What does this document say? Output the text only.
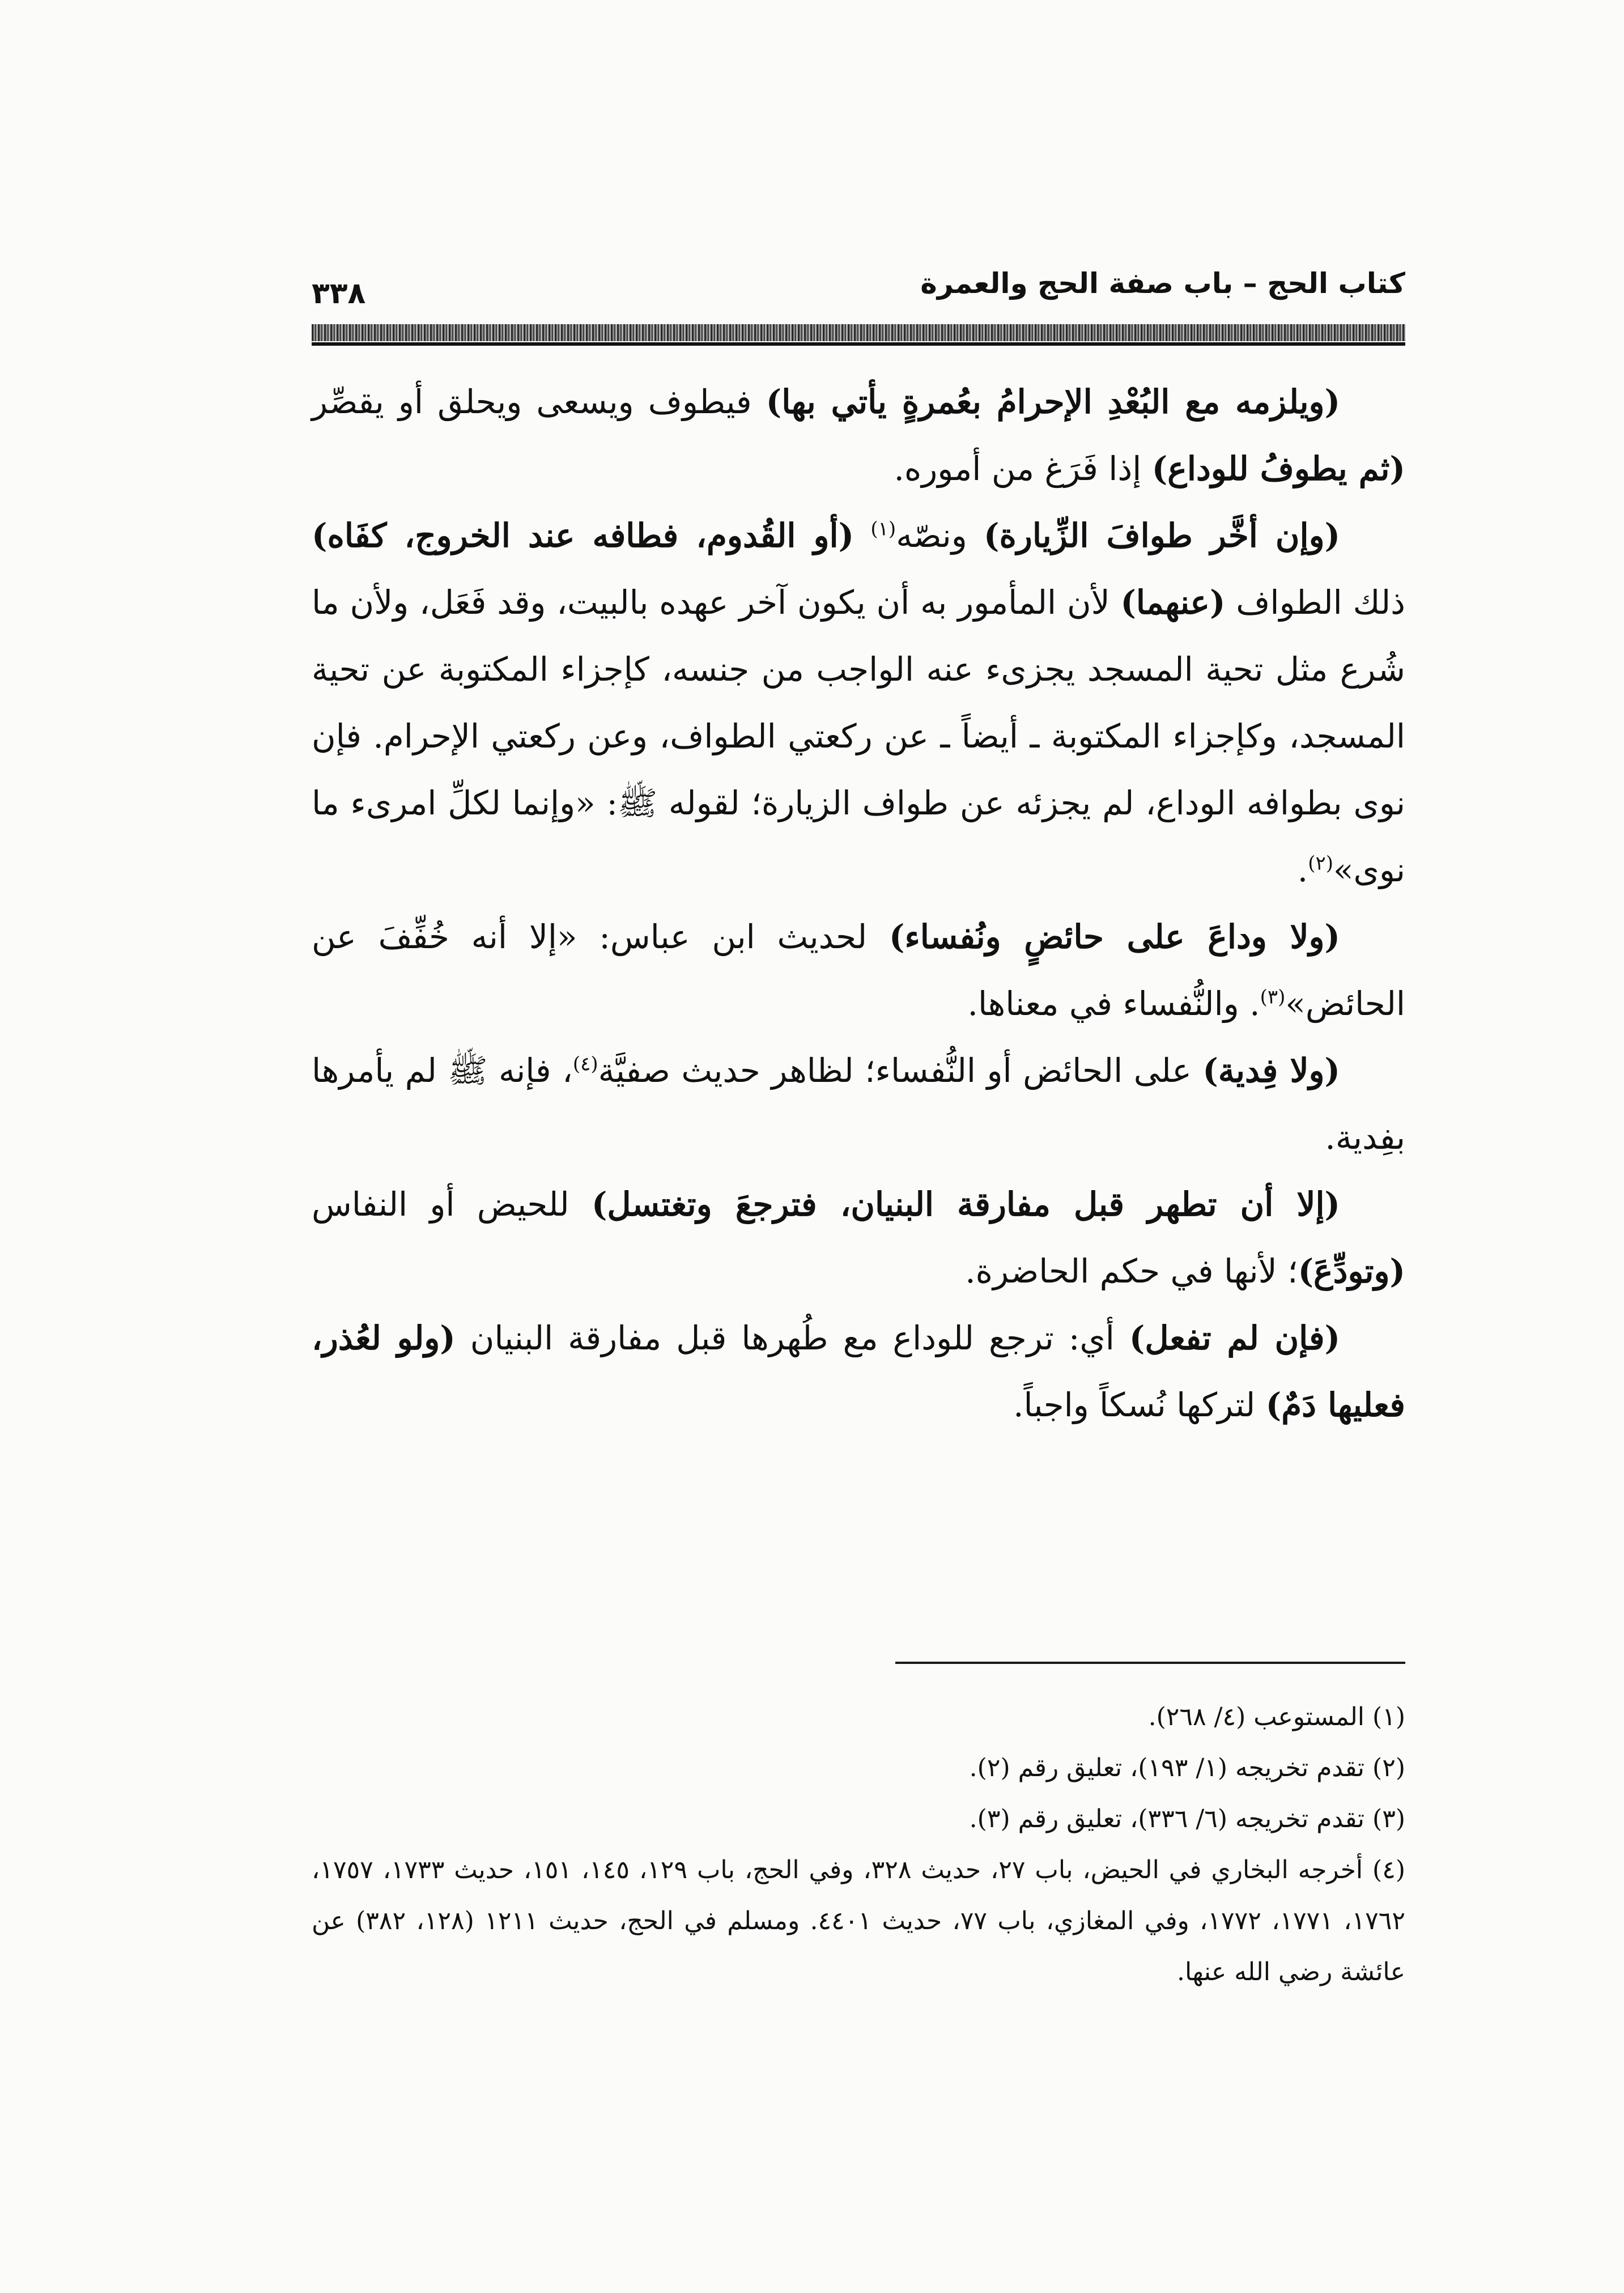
كتاب الحج – باب صفة الحج والعمرة
٣٣٨

(ويلزمه مع البُعْدِ الإحرامُ بعُمرةٍ يأتي بها) فيطوف ويسعى ويحلق أو يقصِّر (ثم يطوفُ للوداع) إذا فَرَغ من أموره.

(وإن أخَّر طوافَ الزِّيارة) ونصّه$^{(١)}$ (أو القُدوم، فطافه عند الخروج، كفَاه) ذلك الطواف (عنهما) لأن المأمور به أن يكون آخر عهده بالبيت، وقد فَعَل، ولأن ما شُرع مثل تحية المسجد يجزىء عنه الواجب من جنسه، كإجزاء المكتوبة عن تحية المسجد، وكإجزاء المكتوبة ـ أيضاً ـ عن ركعتي الطواف، وعن ركعتي الإحرام. فإن نوى بطوافه الوداع، لم يجزئه عن طواف الزيارة؛ لقوله ﷺ: «وإنما لكلِّ امرىء ما نوى»$^{(٢)}$.

(ولا وداعَ على حائضٍ ونُفساء) لحديث ابن عباس: «إلا أنه خُفِّفَ عن الحائض»$^{(٣)}$. والنُّفساء في معناها.

(ولا فِدية) على الحائض أو النُّفساء؛ لظاهر حديث صفيَّة$^{(٤)}$، فإنه ﷺ لم يأمرها بفِدية.

(إلا أن تطهر قبل مفارقة البنيان، فترجعَ وتغتسل) للحيض أو النفاس (وتودِّعَ)؛ لأنها في حكم الحاضرة.

(فإن لم تفعل) أي: ترجع للوداع مع طُهرها قبل مفارقة البنيان (ولو لعُذر، فعليها دَمٌ) لتركها نُسكاً واجباً.

(١) المستوعب (٤/ ٢٦٨).

(٢) تقدم تخريجه (١/ ١٩٣)، تعليق رقم (٢).

(٣) تقدم تخريجه (٦/ ٣٣٦)، تعليق رقم (٣).

(٤) أخرجه البخاري في الحيض، باب ٢٧، حديث ٣٢٨، وفي الحج، باب ١٢٩، ١٤٥، ١٥١، حديث ١٧٣٣، ١٧٥٧، ١٧٦٢، ١٧٧١، ١٧٧٢، وفي المغازي، باب ٧٧، حديث ٤٤٠١. ومسلم في الحج، حديث ١٢١١ (١٢٨، ٣٨٢) عن عائشة رضي الله عنها.
